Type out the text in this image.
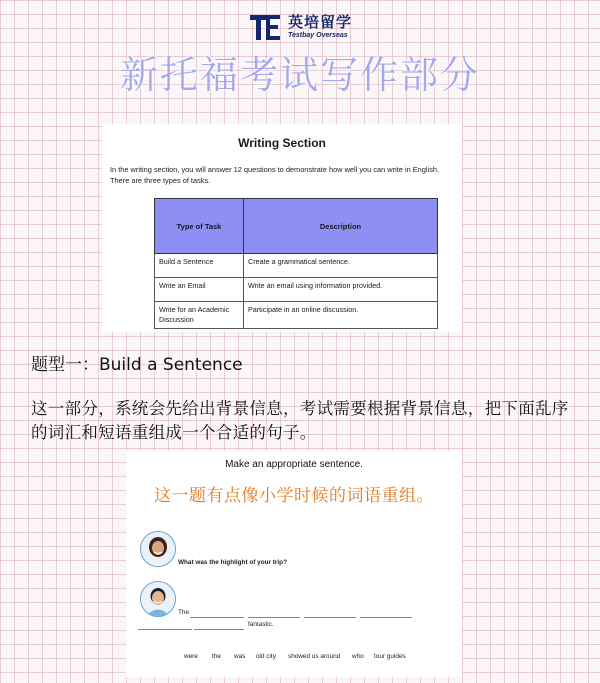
英培留学
Testbay Overseas
新托福考试写作部分
Writing Section
In the writing section, you will answer 12 questions to demonstrate how well you can write in English. There are three types of tasks.
Type of Task	Description
Build a Sentence	Create a grammatical sentence.
Write an Email	Write an email using information provided.
Write for an Academic Discussion	Participate in an online discussion.
题型一：Build a Sentence
这一部分，系统会先给出背景信息，考试需要根据背景信息，把下面乱序的词汇和短语重组成一个合适的句子。
Make an appropriate sentence.
这一题有点像小学时候的词语重组。
What was the highlight of your trip?
The
fantastic.
were the was old city showed us around who tour guides
